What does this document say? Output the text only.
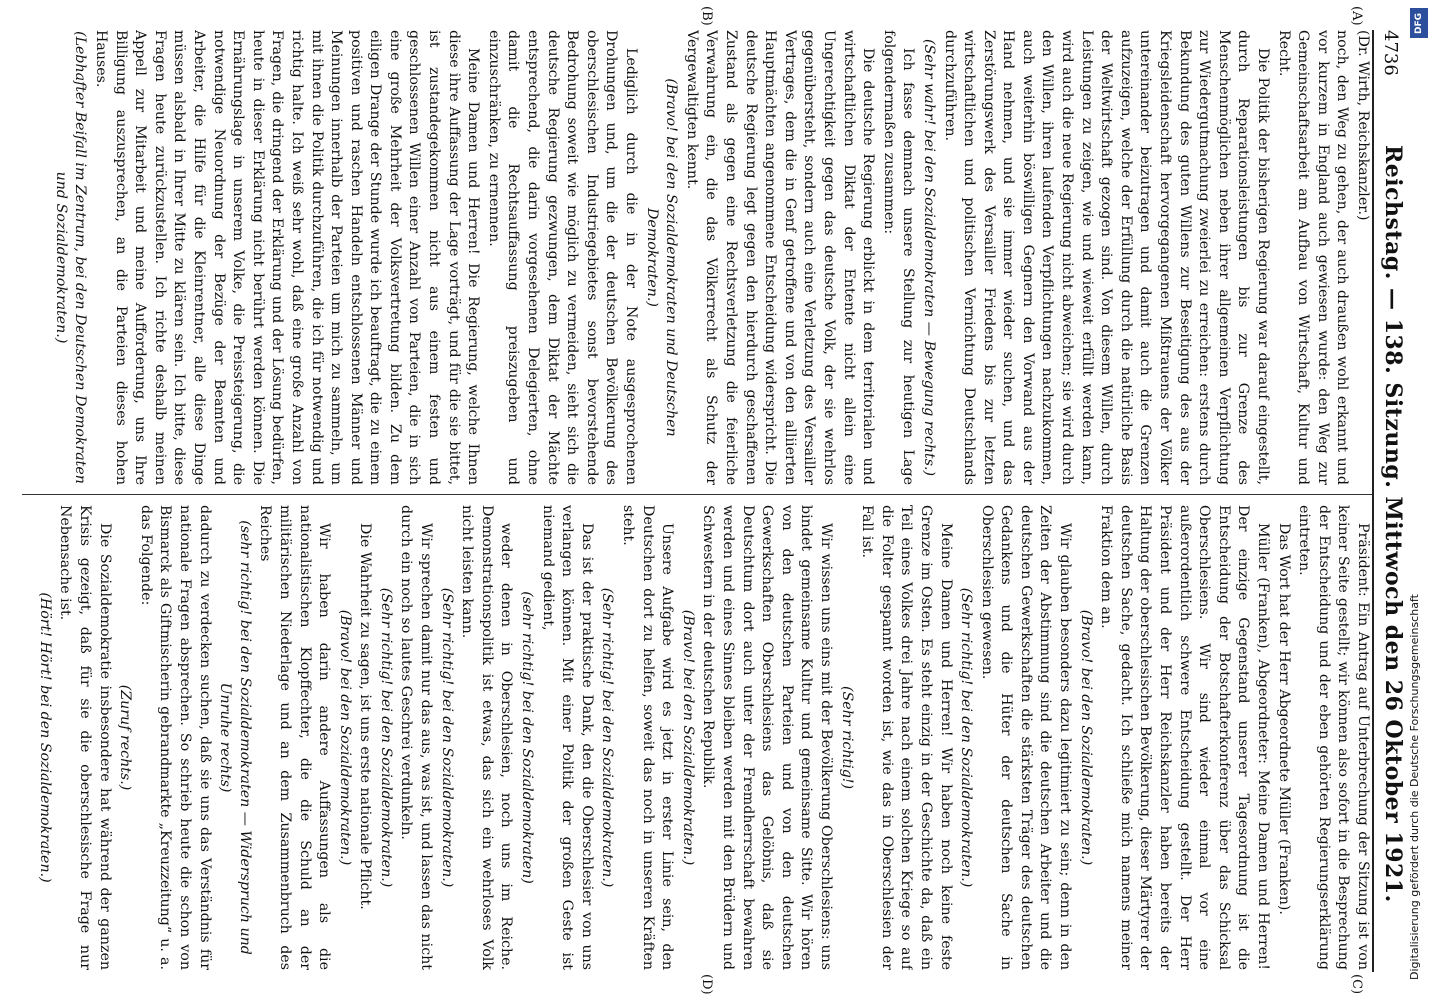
4736
Reichstag. — 138. Sitzung. Mittwoch den 26 Oktober 1921.

(Dr. Wirth, Reichskanzler.)

noch, den Weg zu gehen, der auch draußen wohl erkannt und vor kurzem in England auch gewiesen wurde: den Weg zur Gemeinschaftsarbeit am Aufbau von Wirtschaft, Kultur und Recht.

Die Politik der bisherigen Regierung war darauf eingestellt, durch Reparationsleistungen bis zur Grenze des Menschenmöglichen neben ihrer allgemeinen Verpflichtung zur Wiedergutmachung zweierlei zu erreichen: erstens durch Bekundung des guten Willens zur Beseitigung des aus der Kriegsleidenschaft hervorgegangenen Mißtrauens der Völker untereinander beizutragen und damit auch die Grenzen aufzuzeigen, welche der Erfüllung durch die natürliche Basis der Weltwirtschaft gezogen sind. Von diesem Willen, durch Leistungen zu zeigen, wie und wieweit erfüllt werden kann, wird auch die neue Regierung nicht abweichen; sie wird durch den Willen, ihren laufenden Verpflichtungen nachzukommen, auch weiterhin böswilligen Gegnern den Vorwand aus der Hand nehmen, und sie immer wieder suchen, und das Zerstörungswerk des Versailler Friedens bis zur letzten wirtschaftlichen und politischen Vernichtung Deutschlands durchzuführen.

(Sehr wahr! bei den Sozialdemokraten — Bewegung rechts.)

Ich fasse demnach unsere Stellung zur heutigen Lage folgendermaßen zusammen:

Die deutsche Regierung erblickt in dem territorialen und wirtschaftlichen Diktat der Entente nicht allein eine Ungerechtigkeit gegen das deutsche Volk, der sie wehrlos gegenübersteht, sondern auch eine Verletzung des Versailler Vertrages, dem die in Genf getroffene und von den alliierten Hauptmächten angenommene Entscheidung widerspricht. Die deutsche Regierung legt gegen den hierdurch geschaffenen Zustand als gegen eine Rechtsverletzung die feierliche Verwahrung ein, die das Völkerrecht als Schutz der Vergewaltigten kennt.

(Bravo! bei den Sozialdemokraten und Deutschen Demokraten.)

Lediglich durch die in der Note ausgesprochenen Drohungen und, um die der deutschen Bevölkerung des oberschlesischen Industriegebietes sonst bevorstehende Bedrohung soweit wie möglich zu vermeiden, sieht sich die deutsche Regierung gezwungen, dem Diktat der Mächte entsprechend, die darin vorgesehenen Delegierten, ohne damit die Rechtsauffassung preiszugeben und einzuschränken, zu ernennen.

Meine Damen und Herren! Die Regierung, welche Ihnen diese ihre Auffassung der Lage vorträgt, und für die sie bittet, ist zustandegekommen nicht aus einem festen und geschlossenen Willen einer Anzahl von Parteien, die in sich eine große Mehrheit der Volksvertretung bilden. Zu dem eiligen Drange der Stunde wurde ich beauftragt, die zu einem positiven und raschen Handeln entschlossenen Männer und Meinungen innerhalb der Parteien um mich zu sammeln, um mit ihnen die Politik durchzuführen, die ich für notwendig und richtig halte. Ich weiß sehr wohl, daß eine große Anzahl von Fragen, die dringend der Erklärung und der Lösung bedürfen, heute in dieser Erklärung nicht berührt werden können. Die Ernährungslage in unserem Volke, die Preissteigerung, die notwendige Neuordnung der Bezüge der Beamten und Arbeiter, die Hilfe für die Kleinrentner, alle diese Dinge müssen alsbald in Ihrer Mitte zu klären sein. Ich bitte, diese Fragen heute zurückzustellen. Ich richte deshalb meinen Appell zur Mitarbeit und meine Aufforderung, uns Ihre Billigung auszusprechen, an die Parteien dieses hohen Hauses.

(Lebhafter Beifall im Zentrum, bei den Deutschen Demokraten und Sozialdemokraten.)

Präsident: Ein Antrag auf Unterbrechung der Sitzung ist von keiner Seite gestellt; wir können also sofort in die Besprechung der Entscheidung und der eben gehörten Regierungserklärung eintreten.

Das Wort hat der Herr Abgeordnete Müller (Franken).

Müller (Franken), Abgeordneter: Meine Damen und Herren! Der einzige Gegenstand unserer Tagesordnung ist die Entscheidung der Botschafterkonferenz über das Schicksal Oberschlesiens. Wir sind wieder einmal vor eine außerordentlich schwere Entscheidung gestellt. Der Herr Präsident und der Herr Reichskanzler haben bereits der Haltung der oberschlesischen Bevölkerung, dieser Märtyrer der deutschen Sache, gedacht. Ich schließe mich namens meiner Fraktion dem an.

(Bravo! bei den Sozialdemokraten.)

Wir glauben besonders dazu legitimiert zu sein; denn in den Zeiten der Abstimmung sind die deutschen Arbeiter und die deutschen Gewerkschaften die stärksten Träger des deutschen Gedankens und die Hüter der deutschen Sache in Oberschlesien gewesen.

(Sehr richtig! bei den Sozialdemokraten.)

Meine Damen und Herren! Wir haben noch keine feste Grenze im Osten. Es steht einzig in der Geschichte da, daß ein Teil eines Volkes drei Jahre nach einem solchen Kriege so auf die Folter gespannt worden ist, wie das in Oberschlesien der Fall ist.

(Sehr richtig!)

Wir wissen uns eins mit der Bevölkerung Oberschlesiens: uns bindet gemeinsame Kultur und gemeinsame Sitte. Wir hören von den deutschen Parteien und von den deutschen Gewerkschaften Oberschlesiens das Gelöbnis, daß sie Deutschtum dort auch unter der Fremdherrschaft bewahren werden und eines Sinnes bleiben werden mit den Brüdern und Schwestern in der deutschen Republik.

(Bravo! bei den Sozialdemokraten.)

Unsere Aufgabe wird es jetzt in erster Linie sein, den Deutschen dort zu helfen, soweit das noch in unseren Kräften steht.

(Sehr richtig! bei den Sozialdemokraten.)

Das ist der praktische Dank, den die Oberschlesier von uns verlangen können. Mit einer Politik der großen Geste ist niemand gedient,

(sehr richtig! bei den Sozialdemokraten)

weder denen in Oberschlesien, noch uns im Reiche. Demonstrationspolitik ist etwas, das sich ein wehrloses Volk nicht leisten kann.

(Sehr richtig! bei den Sozialdemokraten.)

Wir sprechen damit nur das aus, was ist, und lassen das nicht durch ein noch so lautes Geschrei verdunkeln.

(Sehr richtig! bei den Sozialdemokraten.)

Die Wahrheit zu sagen, ist uns erste nationale Pflicht.

(Bravo! bei den Sozialdemokraten.)

Wir haben darin andere Auffassungen als die nationalistischen Klopffechter, die die Schuld an der militärischen Niederlage und an dem Zusammenbruch des Reiches

(sehr richtig! bei den Sozialdemokraten — Widerspruch und Unruhe rechts)

dadurch zu verdecken suchen, daß sie uns das Verständnis für nationale Fragen absprechen. So schrieb heute die schon von Bismarck als Giftmischerin gebrandmarkte „Kreuzzeitung“ u. a. das Folgende:

(Zuruf rechts.)

Die Sozialdemokratie insbesondere hat während der ganzen Krisis gezeigt, daß für sie die oberschlesische Frage nur Nebensache ist.

(Hört! Hört! bei den Sozialdemokraten.)

(A)
(B)
(C)
(D)
DFG
Digitalisierung gefördert durch die Deutsche Forschungsgemeinschaft
